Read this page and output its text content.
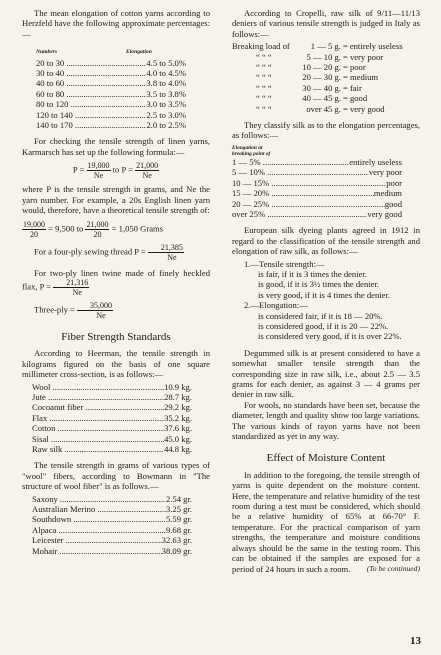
The mean elongation of cotton yarns according to Herzfeld have the following approximate percentages:—

Numbers	Elongation
20 to 30 .....	4.5 to 5.0%
30 to 40 .....	4.0 to 4.5%
40 to 60 .....	3.8 to 4.0%
60 to 80 .....	3.5 to 3.8%
80 to 120 .....	3.0 to 3.5%
120 to 140 .....	2.5 to 3.0%
140 to 170 .....	2.0 to 2.5%

For checking the tensile strength of linen yarns, Karmarsch has set up the following formula:—

$P = \frac{19,000}{Ne}$ to $P = \frac{21,000}{Ne}$

where P is the tensile strength in grams, and Ne the yarn number. For example, a 20s English linen yarn would, therefore, have a theoretical tensile strength of:

$\frac{19,000}{20} = 9,500$ to $\frac{21,000}{20} = 1,050$ Grams

For a four-ply sewing thread $P = \frac{21,385}{Ne}$

For two-ply linen twine made of finely heckled flax, $P = \frac{21,316}{Ne}$

Three-ply = $\frac{35,000}{Ne}$

Fiber Strength Standards

According to Heerman, the tensile strength in kilograms figured on the basis of one square millimeter cross-section, is as follows:—

Wool .....	10.9 kg.
Jute .....	28.7 kg.
Cocoanut fiber .....	29.2 kg.
Flax .....	35.2 kg.
Cotton .....	37.6 kg.
Sisal .....	45.0 kg.
Raw silk .....	44.8 kg.

The tensile strength in grams of various types of "wool" fibers, according to Bowmann in "The structure of wool fiber" is as follows.—

Saxony .....	2.54 gr.
Australian Merino .....	3.25 gr.
Southdown .....	5.59 gr.
Alpaca .....	9.68 gr.
Leicester .....	32.63 gr.
Mohair .....	38.09 gr.

According to Cropelli, raw silk of 9/11—11/13 deniers of various tensile strength is judged in Italy as follows:—

Breaking load of	1 — 5 g. = entirely useless
“ “ “	5 — 10 g. = very poor
“ “ “	10 — 20 g. = poor
“ “ “	20 — 30 g. = medium
“ “ “	30 — 40 g. = fair
“ “ “	40 — 45 g. = good
“ “ “	over 45 g. = very good

They classify silk as to the elongation percentages, as follows:—

Elongation at breaking point of
1 — 5% .....	entirely useless
5 — 10% .....	very poor
10 — 15% .....	poor
15 — 20% .....	medium
20 — 25% .....	good
over 25% .....	very good

European silk dyeing plants agreed in 1912 in regard to the classification of the tensile strength and elongation of raw silk, as follows:—

1.—Tensile strength:—
is fair, if it is 3 times the denier.
is good, if it is 3½ times the denier.
is very good, if it is 4 times the denier.
2.—Elongation:—
is considered fair, if it is 18 — 20%.
is considered good, if it is 20 — 22%.
is considered very good, if it is over 22%.

Degummed silk is at present considered to have a somewhat smaller tensile strength than the corresponding size in raw silk, i.e., about 2.5 — 3.5 grams for each denier, as against 3 — 4 grams per denier in raw silk.

For wools, no standards have been set, because the diameter, length and quality show too large variations. The various kinds of rayon yarns have not been standardized as yet in any way.

Effect of Moisture Content

In addition to the foregoing, the tensile strength of yarns is quite dependent on the moisture content. Here, the temperature and relative humidity of the test room during a test must be considered, which should be a relative humidity of 65% at 66-70° F. temperature. For the practical comparison of yarn strengths, the temperature and moisture conditions always should be the same in the testing room. This can be obtained if the samples are exposed for a period of 24 hours in such a room.	(To be continued)

13
